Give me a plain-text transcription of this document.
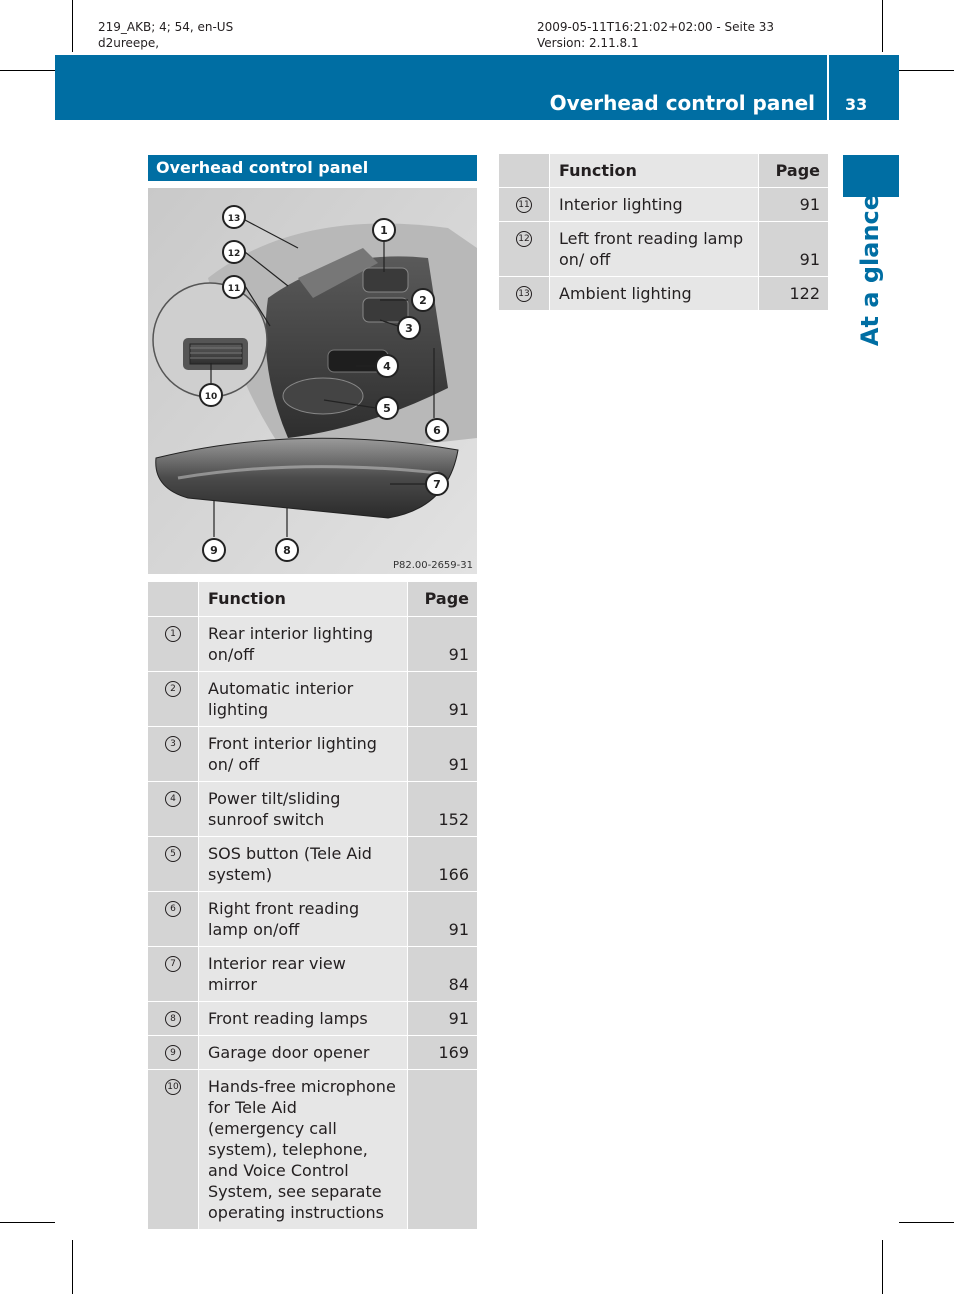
219_AKB; 4; 54, en-US
d2ureepe,
2009-05-11T16:21:02+02:00 - Seite 33
Version: 2.11.8.1
Overhead control panel 33
At a glance
Overhead control panel
1
2
3
4
5
6
7
8
9
10
11
12
13
P82.00-2659-31
	Function	Page
1	Rear interior lighting on/off	91
2	Automatic interior lighting	91
3	Front interior lighting on/ off	91
4	Power tilt/sliding sunroof switch	152
5	SOS button (Tele Aid system)	166
6	Right front reading lamp on/off	91
7	Interior rear view mirror	84
8	Front reading lamps	91
9	Garage door opener	169
10	Hands-free microphone for Tele Aid (emergency call system), telephone, and Voice Control System, see separate operating instructions	
	Function	Page
11	Interior lighting	91
12	Left front reading lamp on/ off	91
13	Ambient lighting	122
